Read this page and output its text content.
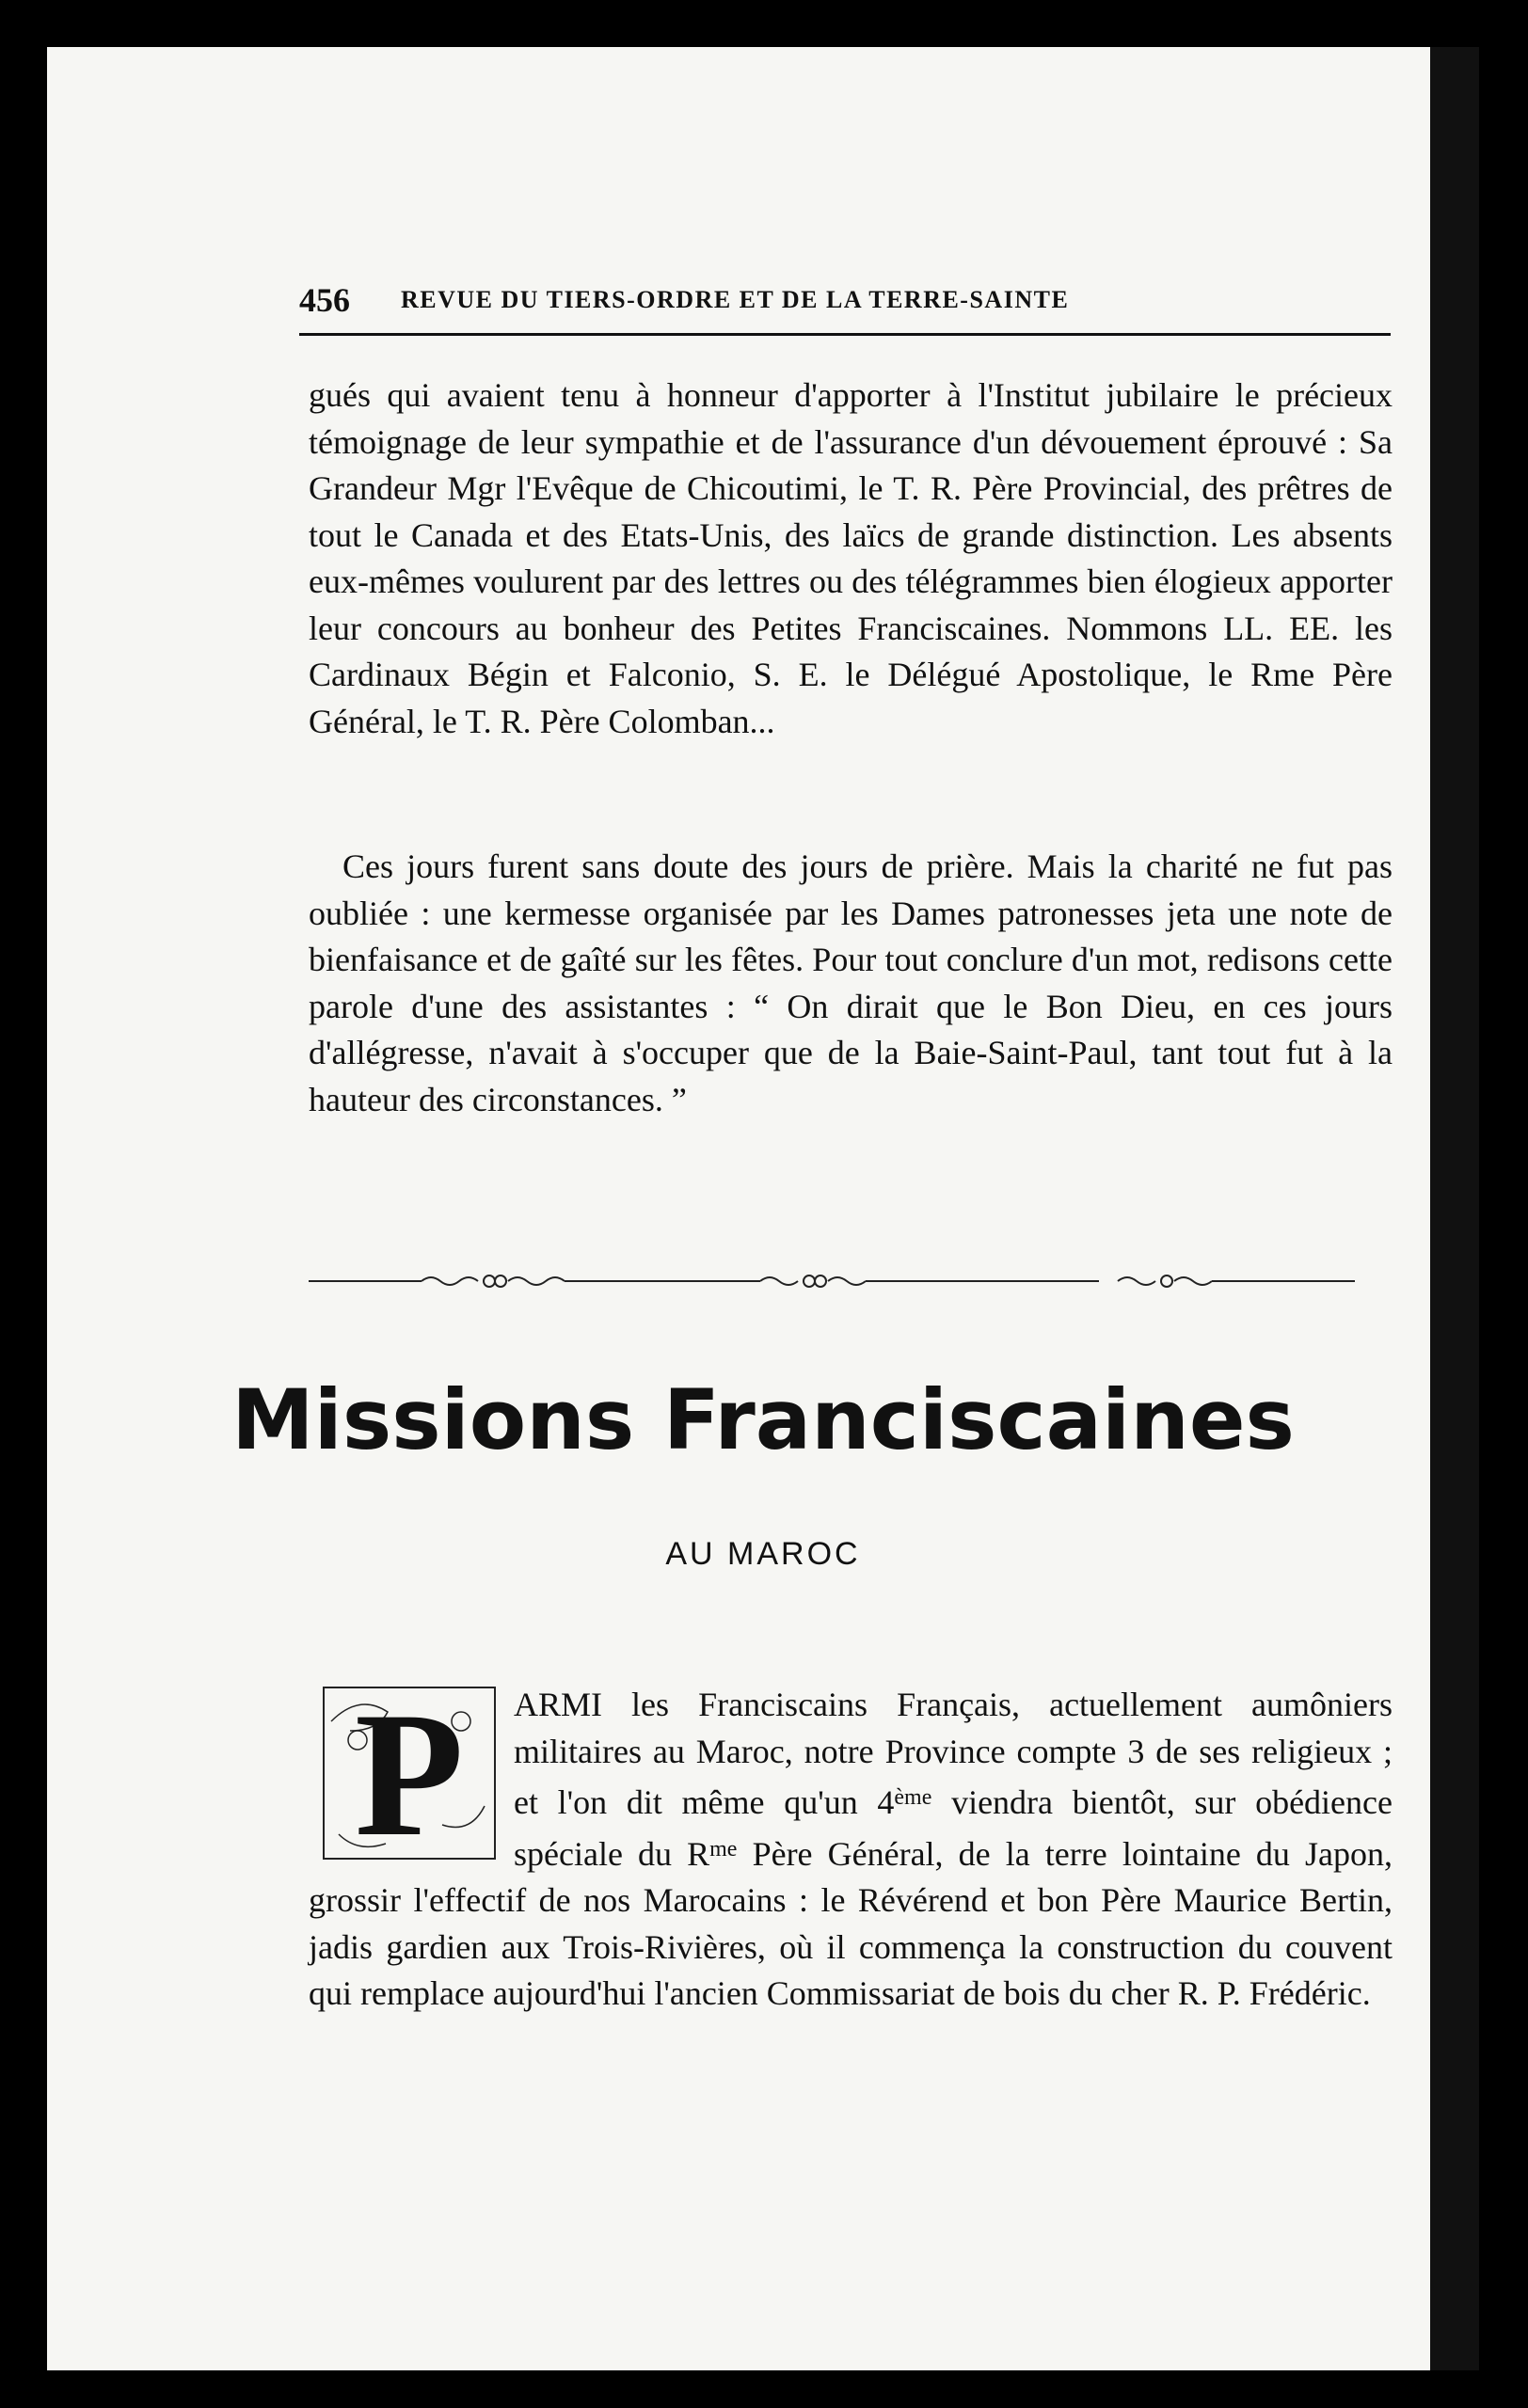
456 REVUE DU TIERS-ORDRE ET DE LA TERRE-SAINTE

gués qui avaient tenu à honneur d'apporter à l'Institut jubilaire le précieux témoignage de leur sympathie et de l'assurance d'un dévouement éprouvé : Sa Grandeur Mgr l'Evêque de Chicoutimi, le T. R. Père Provincial, des prêtres de tout le Canada et des Etats-Unis, des laïcs de grande distinction. Les absents eux-mêmes voulurent par des lettres ou des télégrammes bien élogieux apporter leur concours au bonheur des Petites Franciscaines. Nommons LL. EE. les Cardinaux Bégin et Falconio, S. E. le Délégué Apostolique, le Rme Père Général, le T. R. Père Colomban...

Ces jours furent sans doute des jours de prière. Mais la charité ne fut pas oubliée : une kermesse organisée par les Dames patronesses jeta une note de bienfaisance et de gaîté sur les fêtes. Pour tout conclure d'un mot, redisons cette parole d'une des assistantes : “ On dirait que le Bon Dieu, en ces jours d'allégresse, n'avait à s'occuper que de la Baie-Saint-Paul, tant tout fut à la hauteur des circonstances. ”

Missions Franciscaines
AU MAROC
P	ARMI les Franciscains Français, actuellement aumôniers militaires au Maroc, notre Province compte 3 de ses religieux ; et l'on dit même qu'un 4ème viendra bientôt, sur obédience spéciale du $R^{me}$ Père Général, de la terre lointaine du Japon, grossir l'effectif de nos Marocains : le Révérend et bon Père Maurice Bertin, jadis gardien aux Trois-Rivières, où il commença la construction du couvent qui remplace aujourd'hui l'ancien Commissariat de bois du cher R. P. Frédéric.
